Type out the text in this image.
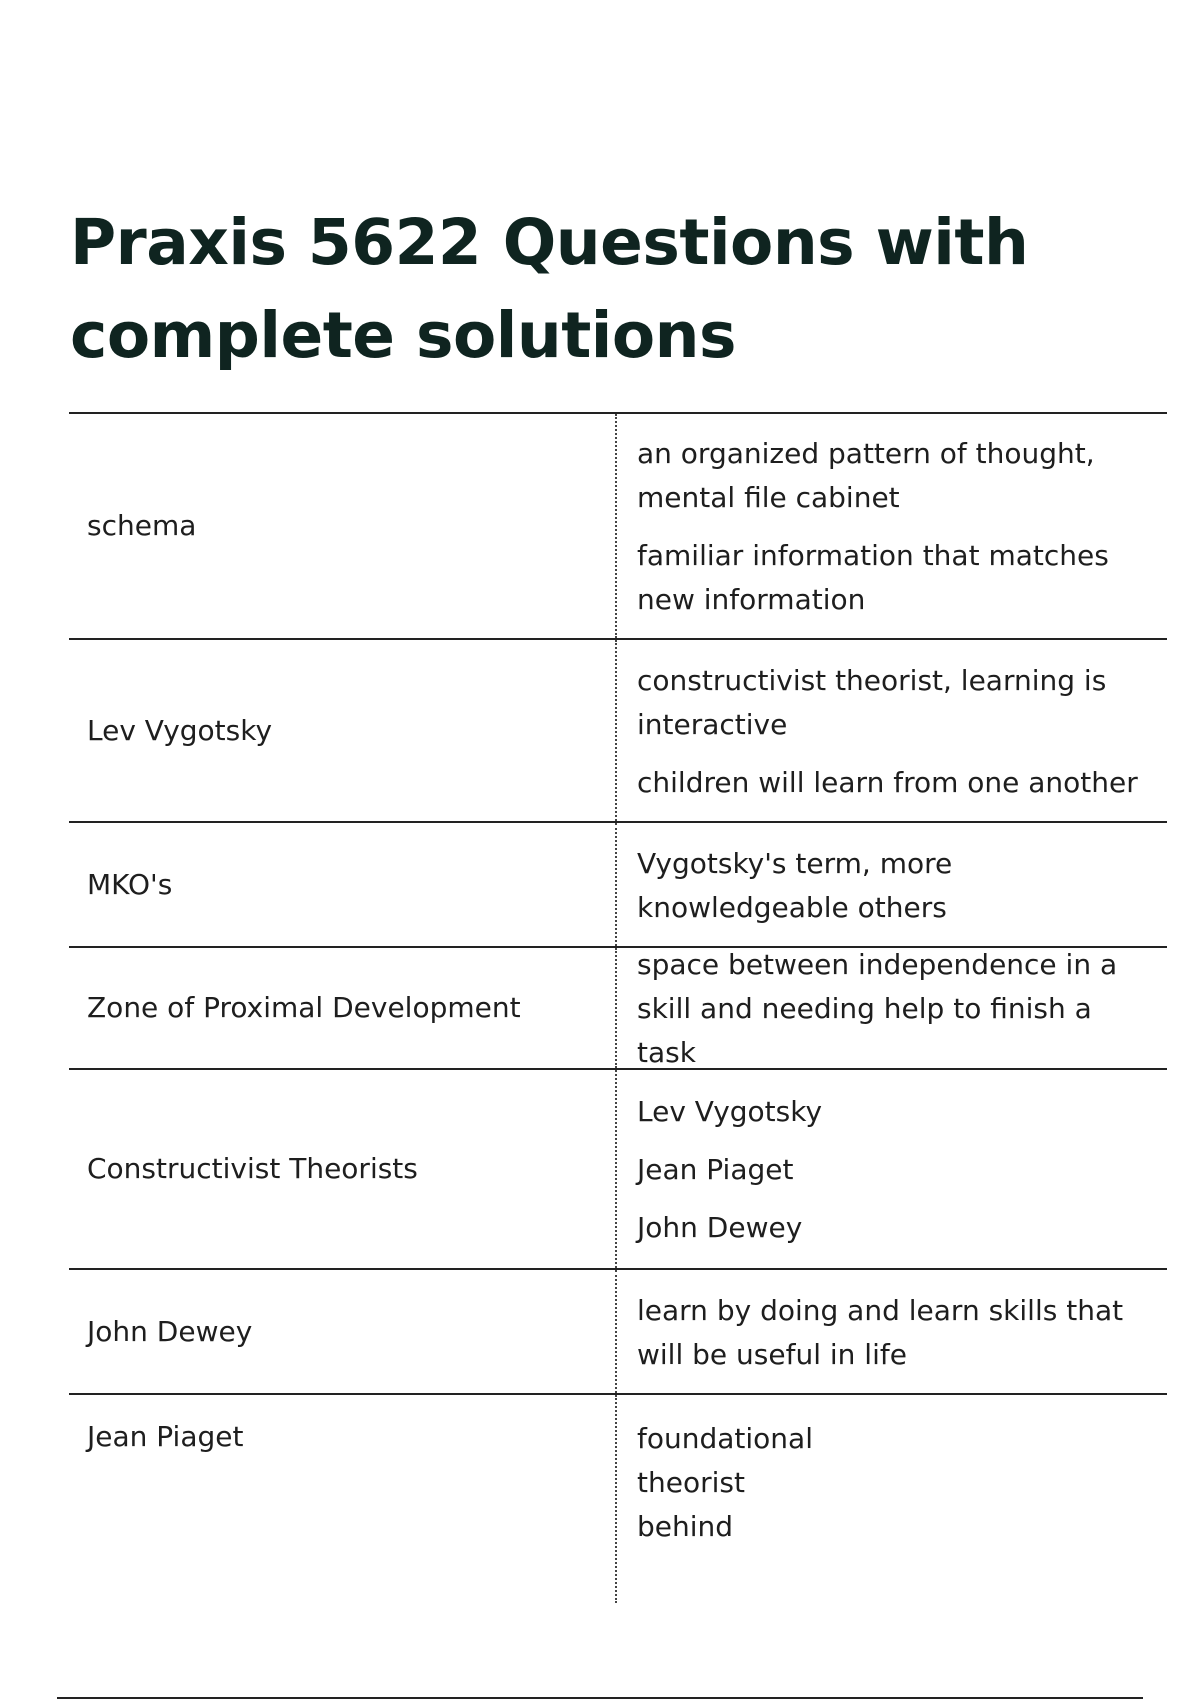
Praxis 5622 Questions with complete solutions
schema

an organized pattern of thought, mental file cabinet

familiar information that matches new information

Lev Vygotsky

constructivist theorist, learning is interactive

children will learn from one another

MKO's

Vygotsky's term, more knowledgeable others

Zone of Proximal Development

space between independence in a skill and needing help to finish a task

Constructivist Theorists

Lev Vygotsky

Jean Piaget

John Dewey

John Dewey

learn by doing and learn skills that will be useful in life

Jean Piaget	foundational theorist behind
